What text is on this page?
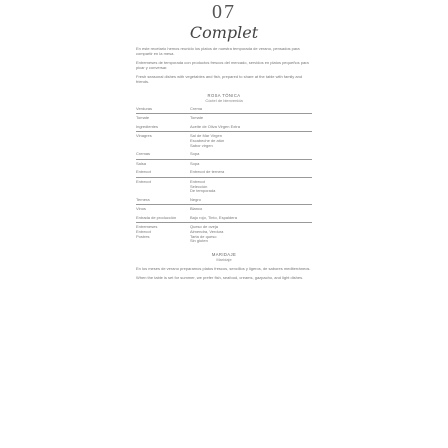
07
Complet

En este recetario hemos reunido los platos de nuestra temporada de verano, pensados para compartir en la mesa.

Entremeses de temporada con productos frescos del mercado, servidos en platos pequeños para picar y conversar.

Fresh seasonal dishes with vegetables and fish, prepared to share at the table with family and friends.

ROSA TÓNICA
Cóctel de bienvenida
Verduras	Crema
Tomate	Tomate
Ingredientes	Aceite de Oliva Virgen Extra
Vinagres	Sal de Mar Virgen
Escabeche de atún
Sabor virgen
Cremas	Sopa
Salsa	Sopa
Entrecot	Entrecot de ternera
Entrecot	Entrecot
Selección
De temporada
Ternera	Negro
Vinos	Blanco
Entrada de producción	Bajo rojo, Tinto, Espaldera
Entremeses	Queso de oveja
Entrecot	Almendra, Verdura
Postres	Tarta de queso
Sin gluten
MARIDAJE
Maridaje

En los meses de verano preparamos platos frescos, sencillos y ligeros, de sabores mediterráneos.

When the table is set for summer, we prefer fish, seafood, creams, gazpacho, and light dishes.
